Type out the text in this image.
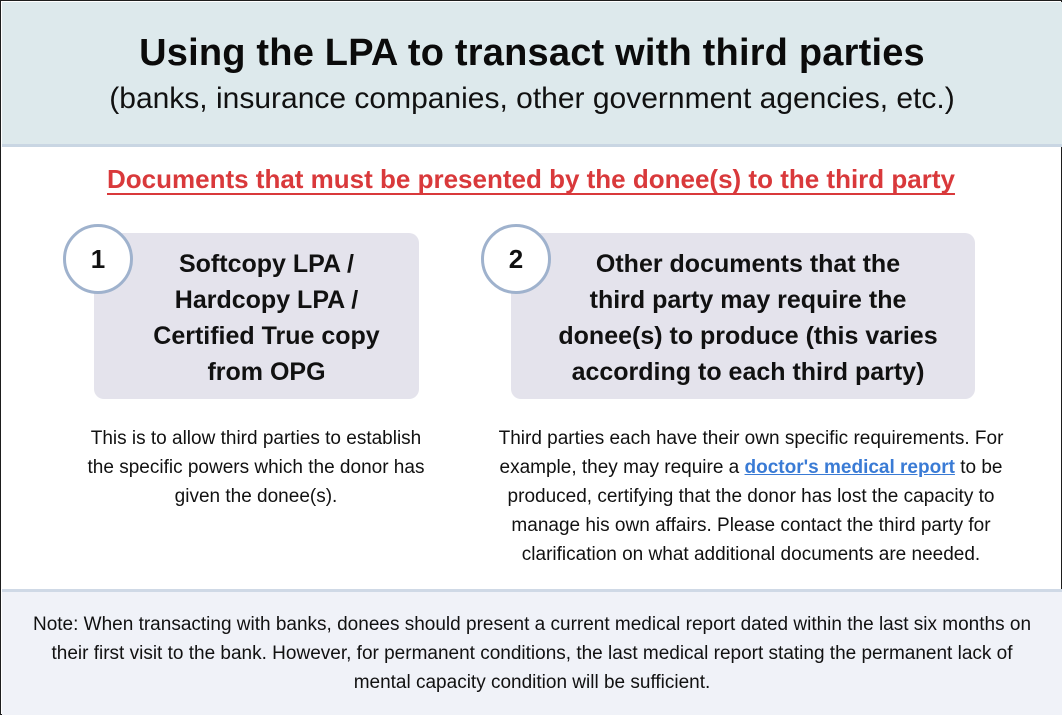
Using the LPA to transact with third parties
(banks, insurance companies, other government agencies, etc.)
Documents that must be presented by the donee(s) to the third party
Softcopy LPA /
Hardcopy LPA /
Certified True copy
from OPG
1
This is to allow third parties to establish the specific powers which the donor has given the donee(s).
Other documents that the
third party may require the
donee(s) to produce (this varies
according to each third party)
2
Third parties each have their own specific requirements. For example, they may require a doctor's medical report to be produced, certifying that the donor has lost the capacity to manage his own affairs. Please contact the third party for clarification on what additional documents are needed.
Note: When transacting with banks, donees should present a current medical report dated within the last six months on their first visit to the bank. However, for permanent conditions, the last medical report stating the permanent lack of mental capacity condition will be sufficient.
